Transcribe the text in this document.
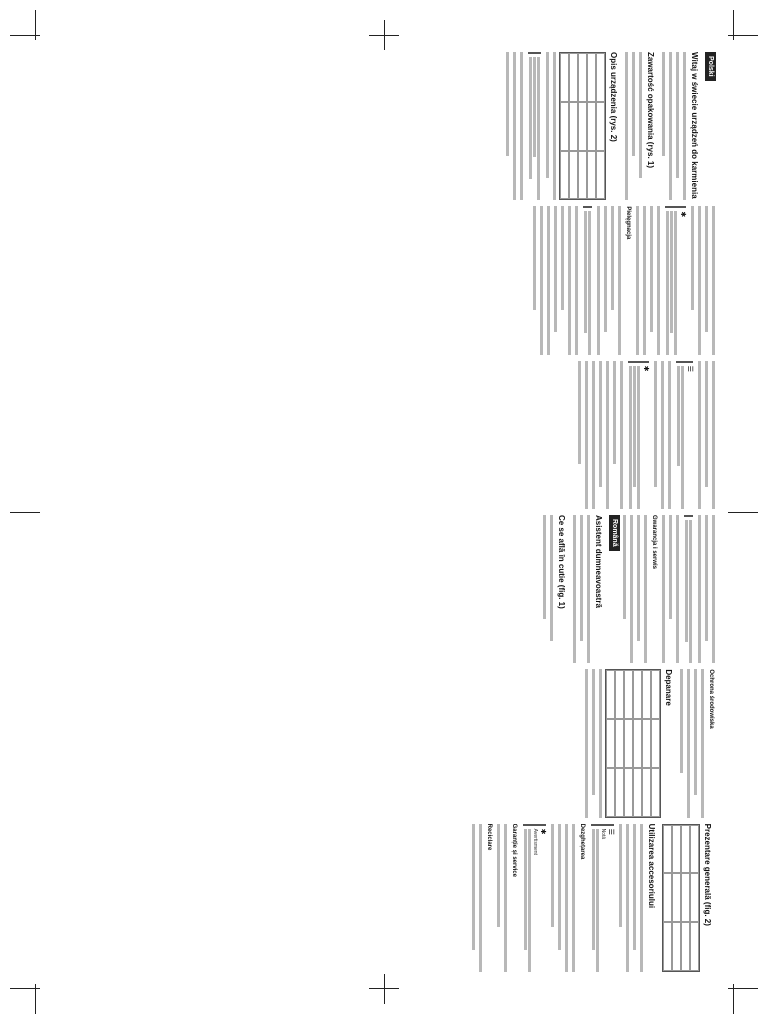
Polski
Witaj w świecie urządzeń do karmienia
Zawartość opakowania (rys. 1)
Opis urządzenia (rys. 2)
✱
Pielęgnacja
☰
✱
Gwarancja i serwis
Română
Asistent dumneavoastră
Ce se află în cutie (fig. 1)
Ochrona środowiska
Depanare
Prezentare generală (fig. 2)
Utilizarea accesoriului
☰
Notă
Dezghețarea
✱
Avertisment
Garanție și service
Reciclare
